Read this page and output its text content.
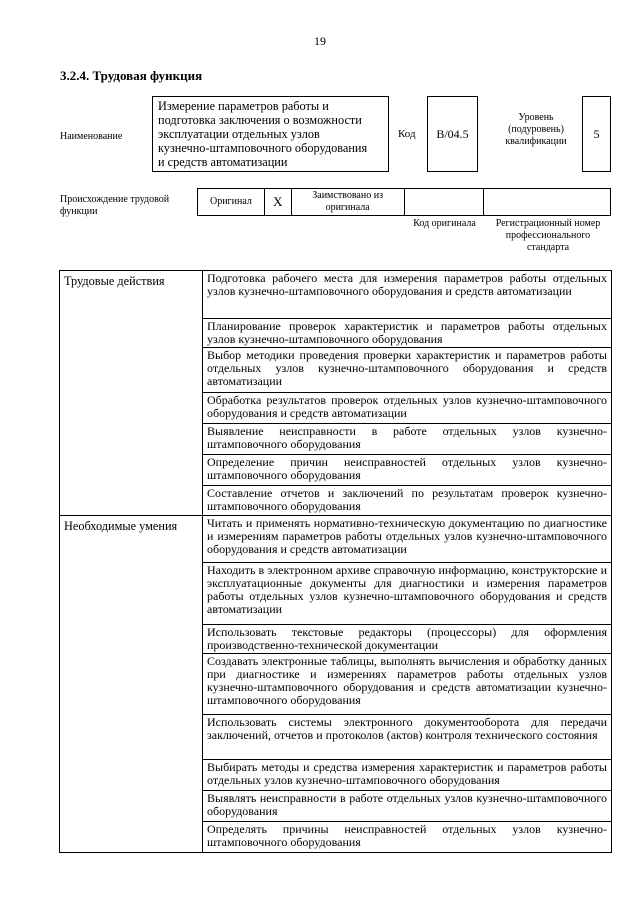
19
3.2.4. Трудовая функция
Наименование
Измерение параметров работы и
подготовка заключения о возможности
эксплуатации отдельных узлов
кузнечно-штамповочного оборудования
и средств автоматизации
Код	B/04.5
Уровень
(подуровень)
квалификации
5
Происхождение трудовой
функции
Оригинал	X	Заимствовано из
оригинала
Код оригинала	Регистрационный номер
профессионального
стандарта
Трудовые действия	Подготовка рабочего места для измерения параметров работы отдельных узлов кузнечно-штамповочного оборудования и средств автоматизации
	Планирование проверок характеристик и параметров работы отдельных узлов кузнечно-штамповочного оборудования
	Выбор методики проведения проверки характеристик и параметров работы отдельных узлов кузнечно-штамповочного оборудования и средств автоматизации
	Обработка результатов проверок отдельных узлов кузнечно-штамповочного оборудования и средств автоматизации
	Выявление неисправности в работе отдельных узлов кузнечно-штамповочного оборудования
	Определение причин неисправностей отдельных узлов кузнечно-штамповочного оборудования
	Составление отчетов и заключений по результатам проверок кузнечно-штамповочного оборудования
Необходимые умения	Читать и применять нормативно-техническую документацию по диагностике и измерениям параметров работы отдельных узлов кузнечно-штамповочного оборудования и средств автоматизации
	Находить в электронном архиве справочную информацию, конструкторские и эксплуатационные документы для диагностики и измерения параметров работы отдельных узлов кузнечно-штамповочного оборудования и средств автоматизации
	Использовать текстовые редакторы (процессоры) для оформления производственно-технической документации
	Создавать электронные таблицы, выполнять вычисления и обработку данных при диагностике и измерениях параметров работы отдельных узлов кузнечно-штамповочного оборудования и средств автоматизации кузнечно-штамповочного оборудования
	Использовать системы электронного документооборота для передачи заключений, отчетов и протоколов (актов) контроля технического состояния
	Выбирать методы и средства измерения характеристик и параметров работы отдельных узлов кузнечно-штамповочного оборудования
	Выявлять неисправности в работе отдельных узлов кузнечно-штамповочного оборудования
	Определять причины неисправностей отдельных узлов кузнечно-штамповочного оборудования
